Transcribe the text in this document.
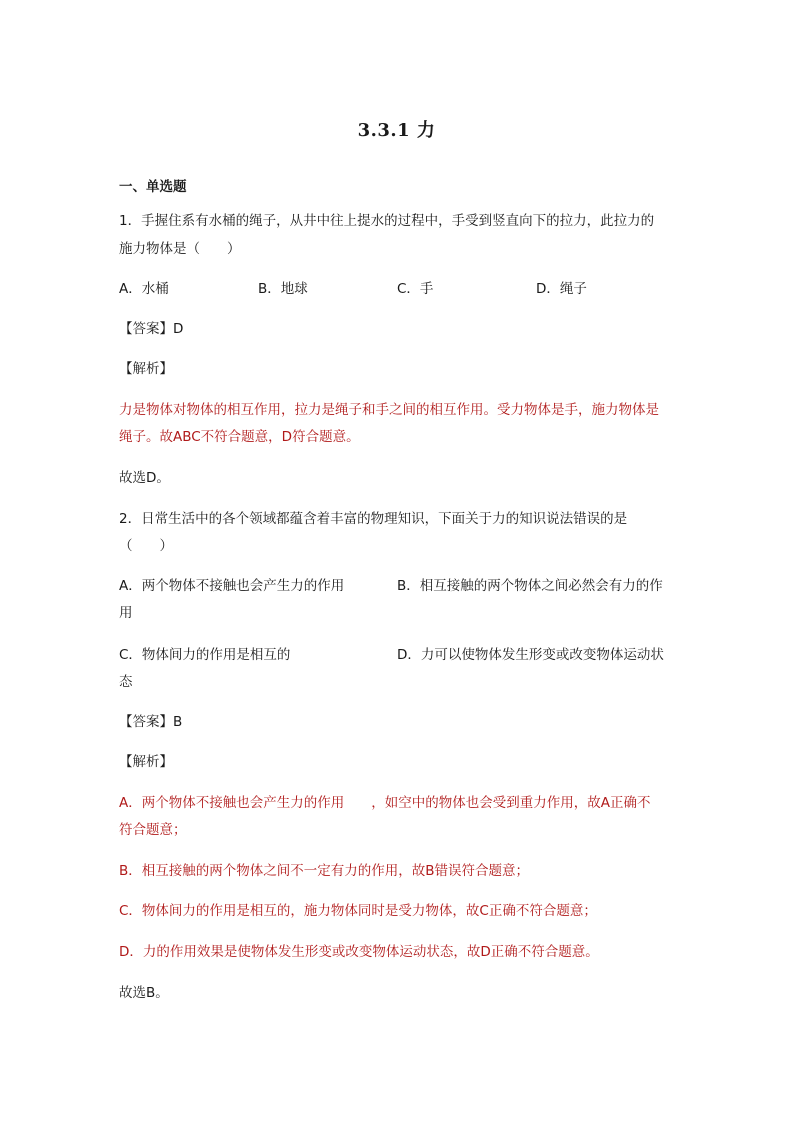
3.3.1 力
一、单选题
1．手握住系有水桶的绳子，从井中往上提水的过程中，手受到竖直向下的拉力，此拉力的
施力物体是（　　）
A．水桶	B．地球	C．手	D．绳子
【答案】D
【解析】
力是物体对物体的相互作用，拉力是绳子和手之间的相互作用。受力物体是手，施力物体是
绳子。故ABC不符合题意，D符合题意。
故选D。
2．日常生活中的各个领域都蕴含着丰富的物理知识，下面关于力的知识说法错误的是
（　　）
A．两个物体不接触也会产生力的作用	B．相互接触的两个物体之间必然会有力的作
用
C．物体间力的作用是相互的	D．力可以使物体发生形变或改变物体运动状
态
【答案】B
【解析】
A．两个物体不接触也会产生力的作用　　，如空中的物体也会受到重力作用，故A正确不
符合题意；
B．相互接触的两个物体之间不一定有力的作用，故B错误符合题意；
C．物体间力的作用是相互的，施力物体同时是受力物体，故C正确不符合题意；
D．力的作用效果是使物体发生形变或改变物体运动状态，故D正确不符合题意。
故选B。
